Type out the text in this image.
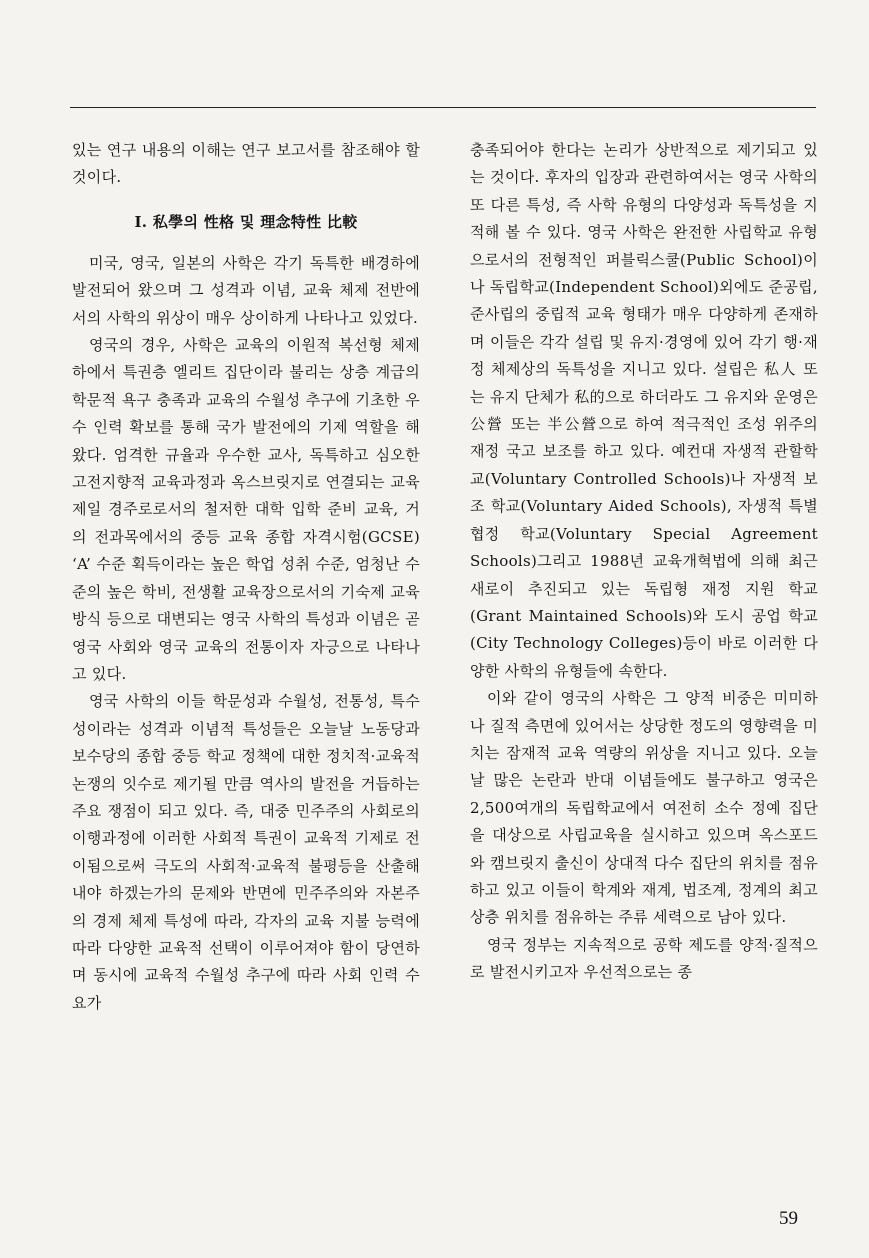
있는 연구 내용의 이해는 연구 보고서를 참조해야 할 것이다.

Ⅰ. 私學의 性格 및 理念特性 比較

미국, 영국, 일본의 사학은 각기 독특한 배경하에 발전되어 왔으며 그 성격과 이념, 교육 체제 전반에서의 사학의 위상이 매우 상이하게 나타나고 있었다.

영국의 경우, 사학은 교육의 이원적 복선형 체제하에서 특권층 엘리트 집단이라 불리는 상층 계급의 학문적 욕구 충족과 교육의 수월성 추구에 기초한 우수 인력 확보를 통해 국가 발전에의 기제 역할을 해왔다. 엄격한 규율과 우수한 교사, 독특하고 심오한 고전지향적 교육과정과 옥스브릿지로 연결되는 교육제일 경주로로서의 철저한 대학 입학 준비 교육, 거의 전과목에서의 중등 교육 종합 자격시험(GCSE) ‘A’ 수준 획득이라는 높은 학업 성취 수준, 엄청난 수준의 높은 학비, 전생활 교육장으로서의 기숙제 교육 방식 등으로 대변되는 영국 사학의 특성과 이념은 곧 영국 사회와 영국 교육의 전통이자 자긍으로 나타나고 있다.

영국 사학의 이들 학문성과 수월성, 전통성, 특수성이라는 성격과 이념적 특성들은 오늘날 노동당과 보수당의 종합 중등 학교 정책에 대한 정치적·교육적 논쟁의 잇수로 제기될 만큼 역사의 발전을 거듭하는 주요 쟁점이 되고 있다. 즉, 대중 민주주의 사회로의 이행과정에 이러한 사회적 특권이 교육적 기제로 전이됨으로써 극도의 사회적·교육적 불평등을 산출해내야 하겠는가의 문제와 반면에 민주주의와 자본주의 경제 체제 특성에 따라, 각자의 교육 지불 능력에 따라 다양한 교육적 선택이 이루어져야 함이 당연하며 동시에 교육적 수월성 추구에 따라 사회 인력 수요가

충족되어야 한다는 논리가 상반적으로 제기되고 있는 것이다. 후자의 입장과 관련하여서는 영국 사학의 또 다른 특성, 즉 사학 유형의 다양성과 독특성을 지적해 볼 수 있다. 영국 사학은 완전한 사립학교 유형으로서의 전형적인 퍼블릭스쿨(Public School)이나 독립학교(Independent School)외에도 준공립, 준사립의 중립적 교육 형태가 매우 다양하게 존재하며 이들은 각각 설립 및 유지·경영에 있어 각기 행·재정 체제상의 독특성을 지니고 있다. 설립은 私人 또는 유지 단체가 私的으로 하더라도 그 유지와 운영은 公營 또는 半公營으로 하여 적극적인 조성 위주의 재정 국고 보조를 하고 있다. 예컨대 자생적 관할학교(Voluntary Controlled Schools)나 자생적 보조 학교(Voluntary Aided Schools), 자생적 특별 협정 학교(Voluntary Special Agreement Schools)그리고 1988년 교육개혁법에 의해 최근 새로이 추진되고 있는 독립형 재정 지원 학교 (Grant Maintained Schools)와 도시 공업 학교(City Technology Colleges)등이 바로 이러한 다양한 사학의 유형들에 속한다.

이와 같이 영국의 사학은 그 양적 비중은 미미하나 질적 측면에 있어서는 상당한 정도의 영향력을 미치는 잠재적 교육 역량의 위상을 지니고 있다. 오늘날 많은 논란과 반대 이념들에도 불구하고 영국은 2,500여개의 독립학교에서 여전히 소수 정예 집단을 대상으로 사립교육을 실시하고 있으며 옥스포드와 캠브릿지 출신이 상대적 다수 집단의 위치를 점유하고 있고 이들이 학계와 재계, 법조계, 정계의 최고 상층 위치를 점유하는 주류 세력으로 남아 있다.

영국 정부는 지속적으로 공학 제도를 양적·질적으로 발전시키고자 우선적으로는 종

59
